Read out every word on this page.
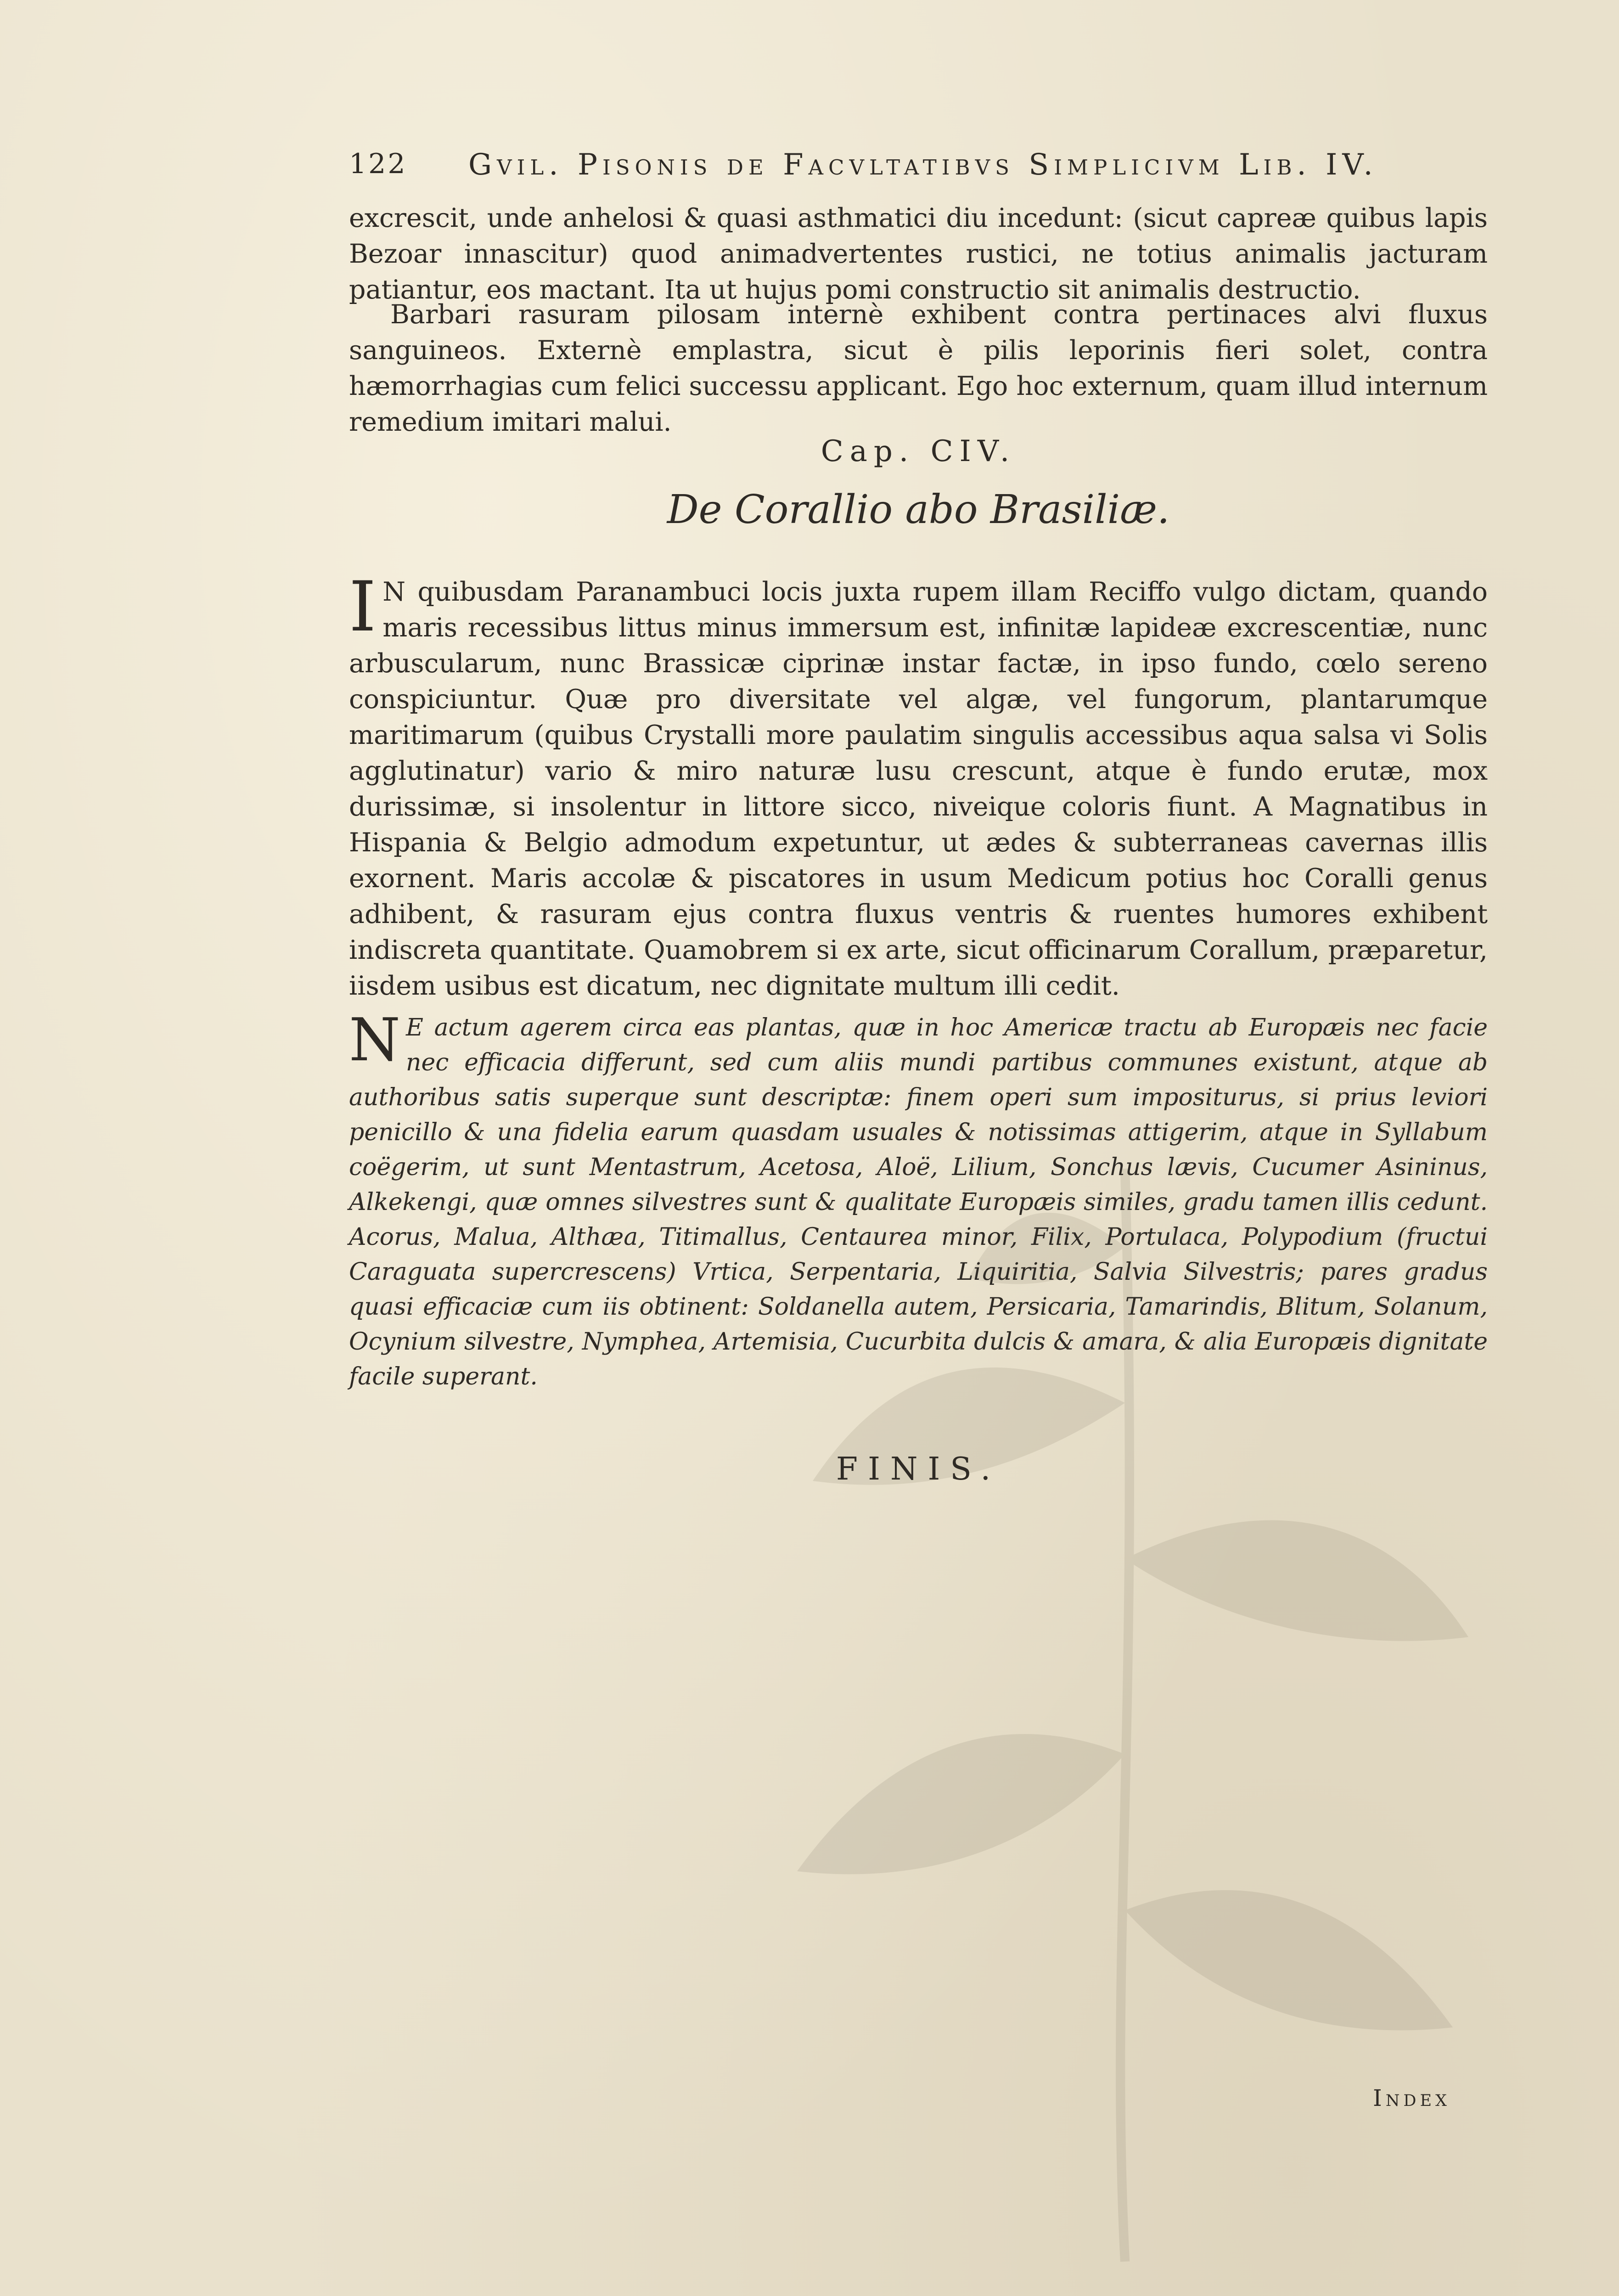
122 Gvil. Pisonis de Facvltatibvs Simplicivm Lib. IV.

excrescit, unde anhelosi & quasi asthmatici diu incedunt: (sicut capreæ quibus lapis Bezoar innascitur) quod animadvertentes rustici, ne totius animalis jacturam patiantur, eos mactant. Ita ut hujus pomi constructio sit animalis destructio.

Barbari rasuram pilosam internè exhibent contra pertinaces alvi fluxus sanguineos. Externè emplastra, sicut è pilis leporinis fieri solet, contra hæmorrhagias cum felici successu applicant. Ego hoc externum, quam illud internum remedium imitari malui.

Cap. CIV.
De Corallio abo Brasiliæ.

I N quibusdam Paranambuci locis juxta rupem illam Reciffo vulgo dictam, quando maris recessibus littus minus immersum est, infinitæ lapideæ excrescentiæ, nunc arbuscularum, nunc Brassicæ ciprinæ instar factæ, in ipso fundo, cœlo sereno conspiciuntur. Quæ pro diversitate vel algæ, vel fungorum, plantarumque maritimarum (quibus Crystalli more paulatim singulis accessibus aqua salsa vi Solis agglutinatur) vario & miro naturæ lusu crescunt, atque è fundo erutæ, mox durissimæ, si insolentur in littore sicco, niveique coloris fiunt. A Magnatibus in Hispania & Belgio admodum expetuntur, ut ædes & subterraneas cavernas illis exornent. Maris accolæ & piscatores in usum Medicum potius hoc Coralli genus adhibent, & rasuram ejus contra fluxus ventris & ruentes humores exhibent indiscreta quantitate. Quamobrem si ex arte, sicut officinarum Corallum, præparetur, iisdem usibus est dicatum, nec dignitate multum illi cedit.

N E actum agerem circa eas plantas, quæ in hoc Americæ tractu ab Europæis nec facie nec efficacia differunt, sed cum aliis mundi partibus communes existunt, atque ab authoribus satis superque sunt descriptæ: finem operi sum impositurus, si prius leviori penicillo & una fidelia earum quasdam usuales & notissimas attigerim, atque in Syllabum coëgerim, ut sunt Mentastrum, Acetosa, Aloë, Lilium, Sonchus lævis, Cucumer Asininus, Alkekengi, quæ omnes silvestres sunt & qualitate Europæis similes, gradu tamen illis cedunt. Acorus, Malua, Althæa, Titimallus, Centaurea minor, Filix, Portulaca, Polypodium (fructui Caraguata supercrescens) Vrtica, Serpentaria, Liquiritia, Salvia Silvestris; pares gradus quasi efficaciæ cum iis obtinent: Soldanella autem, Persicaria, Tamarindis, Blitum, Solanum, Ocynium silvestre, Nymphea, Artemisia, Cucurbita dulcis & amara, & alia Europæis dignitate facile superant.
FINIS.
Index
